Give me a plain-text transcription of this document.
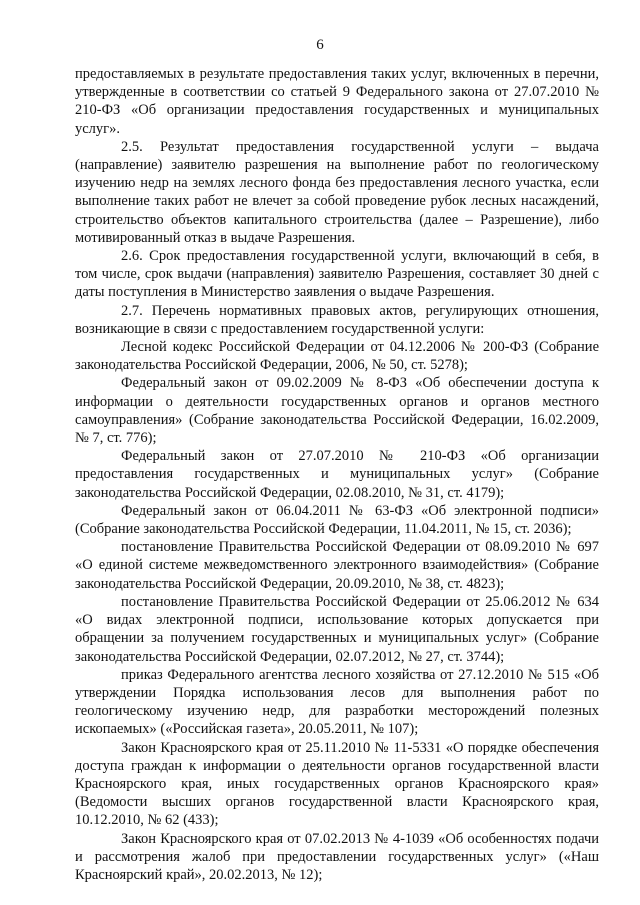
6

предоставляемых в результате предоставления таких услуг, включенных в перечни, утвержденные в соответствии со статьей 9 Федерального закона от 27.07.2010 № 210-ФЗ «Об организации предоставления государственных и муниципальных услуг».

2.5. Результат предоставления государственной услуги – выдача (направление) заявителю разрешения на выполнение работ по геологическому изучению недр на землях лесного фонда без предоставления лесного участка, если выполнение таких работ не влечет за собой проведение рубок лесных насаждений, строительство объектов капитального строительства (далее – Разрешение), либо мотивированный отказ в выдаче Разрешения.

2.6. Срок предоставления государственной услуги, включающий в себя, в том числе, срок выдачи (направления) заявителю Разрешения, составляет 30 дней с даты поступления в Министерство заявления о выдаче Разрешения.

2.7. Перечень нормативных правовых актов, регулирующих отношения, возникающие в связи с предоставлением государственной услуги:

Лесной кодекс Российской Федерации от 04.12.2006 № 200-ФЗ (Собрание законодательства Российской Федерации, 2006, № 50, ст. 5278);

Федеральный закон от 09.02.2009 № 8-ФЗ «Об обеспечении доступа к информации о деятельности государственных органов и органов местного самоуправления» (Собрание законодательства Российской Федерации, 16.02.2009, № 7, ст. 776);

Федеральный закон от 27.07.2010 № 210-ФЗ «Об организации предоставления государственных и муниципальных услуг» (Собрание законодательства Российской Федерации, 02.08.2010, № 31, ст. 4179);

Федеральный закон от 06.04.2011 № 63-ФЗ «Об электронной подписи» (Собрание законодательства Российской Федерации, 11.04.2011, № 15, ст. 2036);

постановление Правительства Российской Федерации от 08.09.2010 № 697 «О единой системе межведомственного электронного взаимодействия» (Собрание законодательства Российской Федерации, 20.09.2010, № 38, ст. 4823);

постановление Правительства Российской Федерации от 25.06.2012 № 634 «О видах электронной подписи, использование которых допускается при обращении за получением государственных и муниципальных услуг» (Собрание законодательства Российской Федерации, 02.07.2012, № 27, ст. 3744);

приказ Федерального агентства лесного хозяйства от 27.12.2010 № 515 «Об утверждении Порядка использования лесов для выполнения работ по геологическому изучению недр, для разработки месторождений полезных ископаемых» («Российская газета», 20.05.2011, № 107);

Закон Красноярского края от 25.11.2010 № 11-5331 «О порядке обеспечения доступа граждан к информации о деятельности органов государственной власти Красноярского края, иных государственных органов Красноярского края» (Ведомости высших органов государственной власти Красноярского края, 10.12.2010, № 62 (433);

Закон Красноярского края от 07.02.2013 № 4-1039 «Об особенностях подачи и рассмотрения жалоб при предоставлении государственных услуг» («Наш Красноярский край», 20.02.2013, № 12);
